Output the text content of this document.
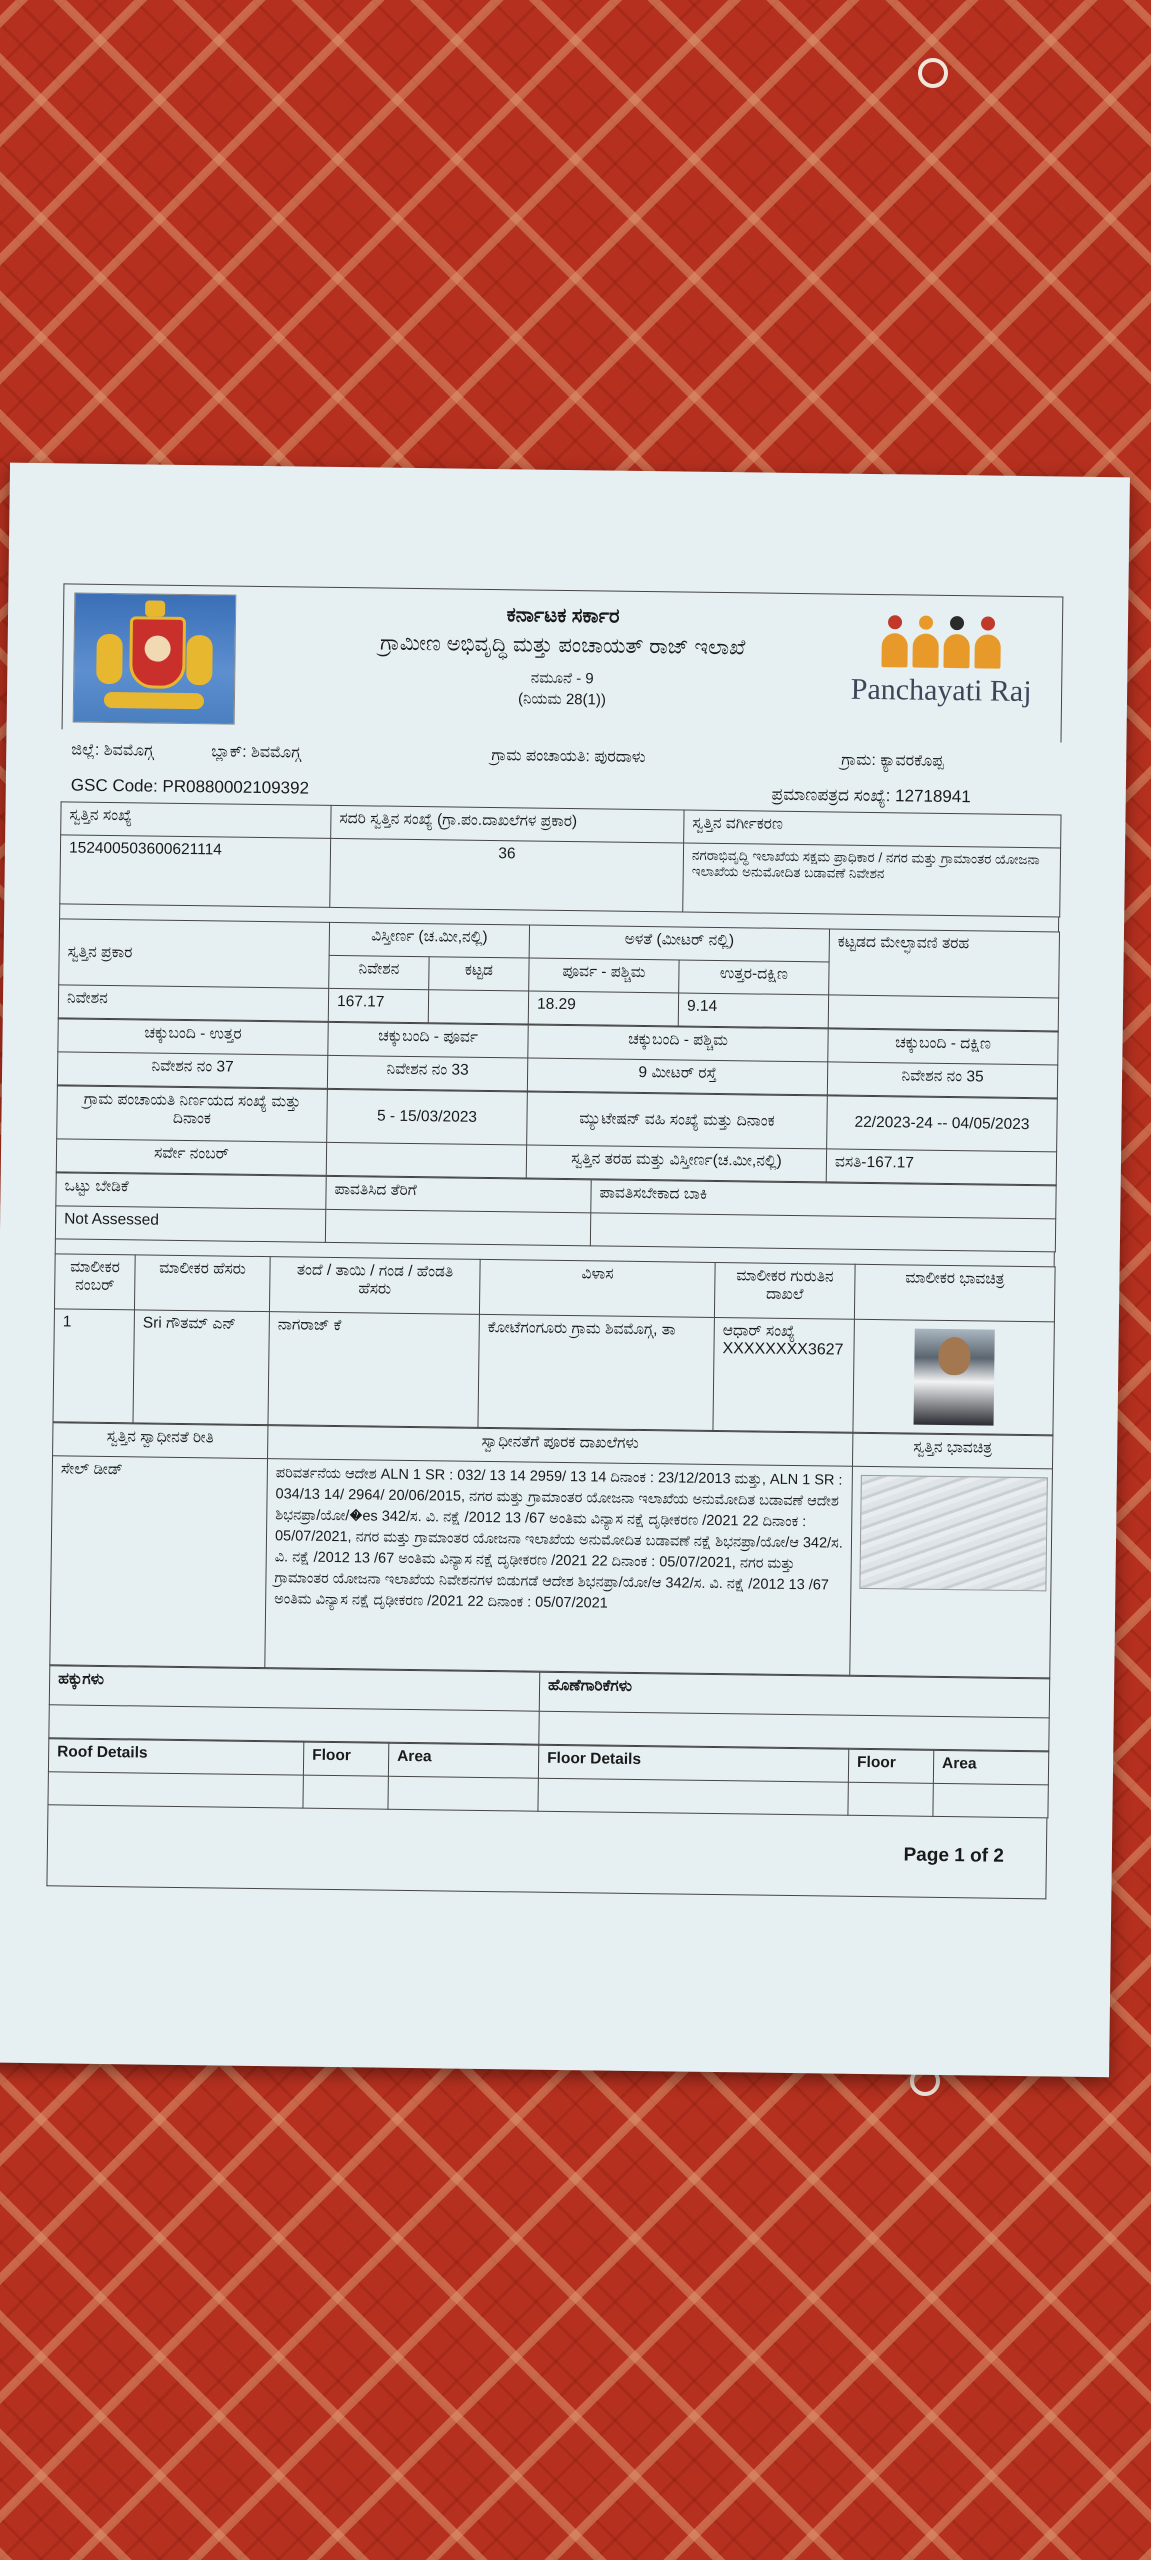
ಕರ್ನಾಟಕ ಸರ್ಕಾರ
ಗ್ರಾಮೀಣ ಅಭಿವೃದ್ಧಿ ಮತ್ತು ಪಂಚಾಯತ್ ರಾಜ್ ಇಲಾಖೆ
ನಮೂನೆ - 9
(ನಿಯಮ 28(1))	Panchayati Raj
ಜಿಲ್ಲೆ: ಶಿವಮೊಗ್ಗ	ಬ್ಲಾಕ್: ಶಿವಮೊಗ್ಗ	ಗ್ರಾಮ ಪಂಚಾಯತಿ: ಪುರದಾಳು	ಗ್ರಾಮ: ಕ್ಯಾವರಕೊಪ್ಪ
GSC Code: PR0880002109392	ಪ್ರಮಾಣಪತ್ರದ ಸಂಖ್ಯೆ: 12718941
ಸ್ವತ್ತಿನ ಸಂಖ್ಯೆ	ಸದರಿ ಸ್ವತ್ತಿನ ಸಂಖ್ಯೆ (ಗ್ರಾ.ಪಂ.ದಾಖಲೆಗಳ ಪ್ರಕಾರ)	ಸ್ವತ್ತಿನ ವರ್ಗೀಕರಣ
152400503600621114	36	ನಗರಾಭಿವೃದ್ಧಿ ಇಲಾಖೆಯ ಸಕ್ಷಮ ಪ್ರಾಧಿಕಾರ / ನಗರ ಮತ್ತು ಗ್ರಾಮಾಂತರ ಯೋಜನಾ ಇಲಾಖೆಯ ಅನುಮೋದಿತ ಬಡಾವಣೆ ನಿವೇಶನ
ಸ್ವತ್ತಿನ ಪ್ರಕಾರ	ವಿಸ್ತೀರ್ಣ (ಚ.ಮೀ,ನಲ್ಲಿ)		ಅಳತೆ (ಮೀಟರ್ ನಲ್ಲಿ)		ಕಟ್ಟಡದ ಮೇಲ್ಛಾವಣಿ ತರಹ
	ನಿವೇಶನ	ಕಟ್ಟಡ	ಪೂರ್ವ - ಪಶ್ಚಿಮ	ಉತ್ತರ-ದಕ್ಷಿಣ	
ನಿವೇಶನ	167.17		18.29	9.14	
ಚಕ್ಕುಬಂದಿ - ಉತ್ತರ	ಚಕ್ಕುಬಂದಿ - ಪೂರ್ವ	ಚಕ್ಕುಬಂದಿ - ಪಶ್ಚಿಮ	ಚಕ್ಕುಬಂದಿ - ದಕ್ಷಿಣ
ನಿವೇಶನ ನಂ 37	ನಿವೇಶನ ನಂ 33	9 ಮೀಟರ್ ರಸ್ತೆ	ನಿವೇಶನ ನಂ 35
ಗ್ರಾಮ ಪಂಚಾಯತಿ ನಿರ್ಣಯದ ಸಂಖ್ಯೆ ಮತ್ತು ದಿನಾಂಕ	5 - 15/03/2023	ಮ್ಯುಟೇಷನ್ ವಹಿ ಸಂಖ್ಯೆ ಮತ್ತು ದಿನಾಂಕ	22/2023-24 -- 04/05/2023
ಸರ್ವೇ ನಂಬರ್		ಸ್ವತ್ತಿನ ತರಹ ಮತ್ತು ವಿಸ್ತೀರ್ಣ(ಚ.ಮೀ,ನಲ್ಲಿ)	ವಸತಿ-167.17
ಒಟ್ಟು ಬೇಡಿಕೆ	ಪಾವತಿಸಿದ ತೆರಿಗೆ	ಪಾವತಿಸಬೇಕಾದ ಬಾಕಿ
Not Assessed		
ಮಾಲೀಕರ ನಂಬರ್	ಮಾಲೀಕರ ಹೆಸರು	ತಂದೆ / ತಾಯಿ / ಗಂಡ / ಹೆಂಡತಿ ಹೆಸರು	ವಿಳಾಸ	ಮಾಲೀಕರ ಗುರುತಿನ ದಾಖಲೆ	ಮಾಲೀಕರ ಭಾವಚಿತ್ರ
1	Sri ಗೌತಮ್ ಎನ್	ನಾಗರಾಜ್ ಕೆ	ಕೋಟೆಗಂಗೂರು ಗ್ರಾಮ ಶಿವಮೊಗ್ಗ, ತಾ	ಆಧಾರ್ ಸಂಖ್ಯೆ
XXXXXXXX3627	

ಸ್ವತ್ತಿನ ಸ್ವಾಧೀನತೆ ರೀತಿ	ಸ್ವಾಧೀನತೆಗೆ ಪೂರಕ ದಾಖಲೆಗಳು	ಸ್ವತ್ತಿನ ಭಾವಚಿತ್ರ
ಸೇಲ್ ಡೀಡ್	ಪರಿವರ್ತನೆಯ ಆದೇಶ ALN 1 SR : 032/ 13 14 2959/ 13 14 ದಿನಾಂಕ : 23/12/2013 ಮತ್ತು, ALN 1 SR : 034/13 14/ 2964/ 20/06/2015, ನಗರ ಮತ್ತು ಗ್ರಾಮಾಂತರ ಯೋಜನಾ ಇಲಾಖೆಯ ಅನುಮೋದಿತ ಬಡಾವಣೆ ಆದೇಶ ಶಿಭನಪ್ರಾ/ಯೋ/�es 342/ಸ. ವಿ. ನಕ್ಷೆ /2012 13 /67 ಅಂತಿಮ ವಿನ್ಯಾಸ ನಕ್ಷೆ ದೃಢೀಕರಣ /2021 22 ದಿನಾಂಕ : 05/07/2021, ನಗರ ಮತ್ತು ಗ್ರಾಮಾಂತರ ಯೋಜನಾ ಇಲಾಖೆಯ ಅನುಮೋದಿತ ಬಡಾವಣೆ ನಕ್ಷೆ ಶಿಭನಪ್ರಾ/ಯೋ/ಆ 342/ಸ. ವಿ. ನಕ್ಷೆ /2012 13 /67 ಅಂತಿಮ ವಿನ್ಯಾಸ ನಕ್ಷೆ ದೃಢೀಕರಣ /2021 22 ದಿನಾಂಕ : 05/07/2021, ನಗರ ಮತ್ತು ಗ್ರಾಮಾಂತರ ಯೋಜನಾ ಇಲಾಖೆಯ ನಿವೇಶನಗಳ ಬಿಡುಗಡೆ ಆದೇಶ ಶಿಭನಪ್ರಾ/ಯೋ/ಆ 342/ಸ. ವಿ. ನಕ್ಷೆ /2012 13 /67 ಅಂತಿಮ ವಿನ್ಯಾಸ ನಕ್ಷೆ ದೃಢೀಕರಣ /2021 22 ದಿನಾಂಕ : 05/07/2021	
ಹಕ್ಕುಗಳು	ಹೊಣೆಗಾರಿಕೆಗಳು

Roof Details	Floor	Area	Floor Details	Floor	Area

Page 1 of 2
